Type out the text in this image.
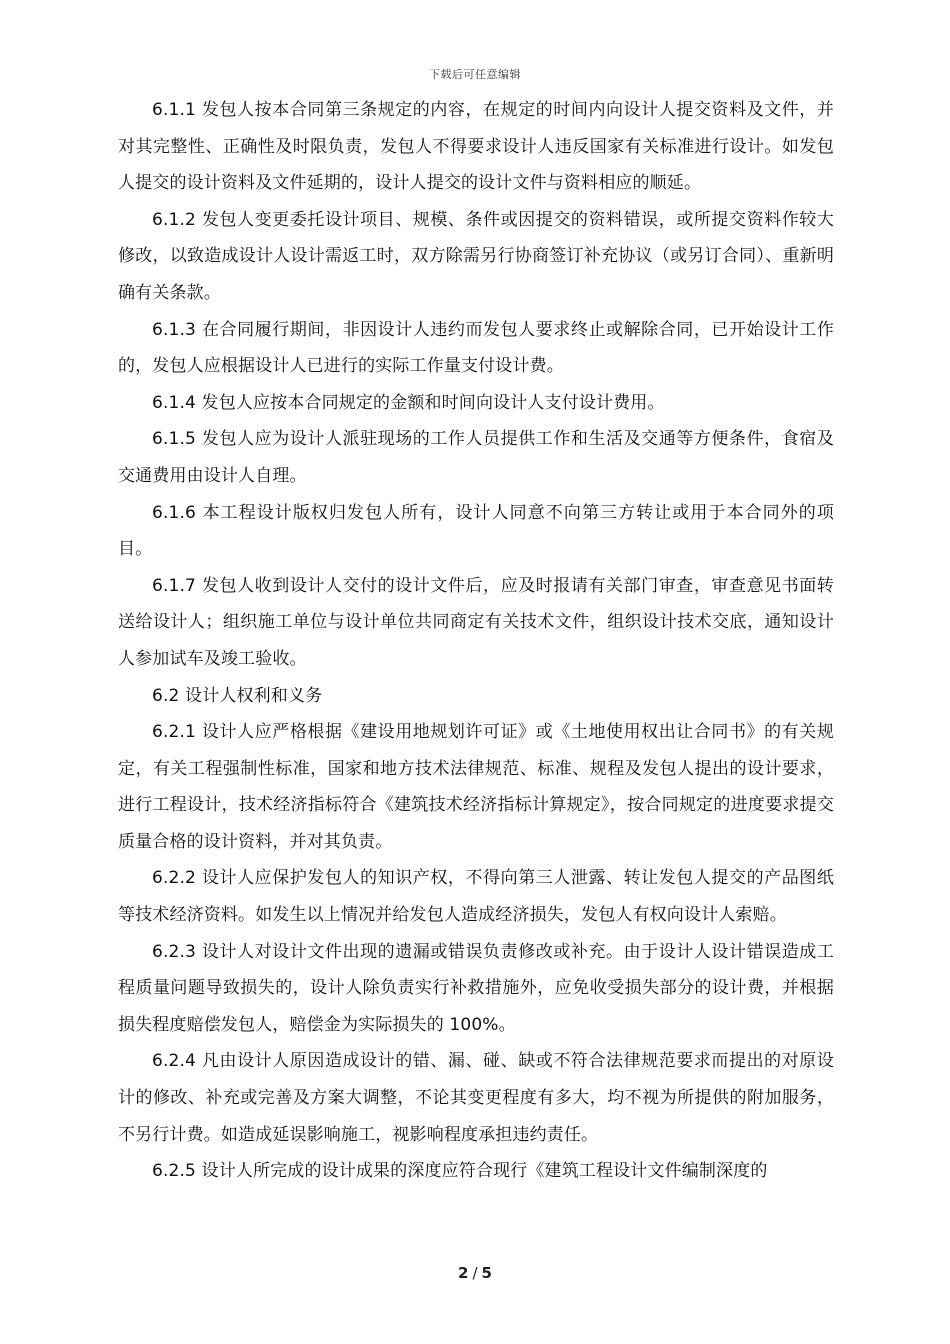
下载后可任意编辑

6.1.1 发包人按本合同第三条规定的内容，在规定的时间内向设计人提交资料及文件，并对其完整性、正确性及时限负责，发包人不得要求设计人违反国家有关标准进行设计。如发包人提交的设计资料及文件延期的，设计人提交的设计文件与资料相应的顺延。

6.1.2 发包人变更委托设计项目、规模、条件或因提交的资料错误，或所提交资料作较大修改，以致造成设计人设计需返工时，双方除需另行协商签订补充协议（或另订合同）、重新明确有关条款。

6.1.3 在合同履行期间，非因设计人违约而发包人要求终止或解除合同，已开始设计工作的，发包人应根据设计人已进行的实际工作量支付设计费。

6.1.4 发包人应按本合同规定的金额和时间向设计人支付设计费用。

6.1.5 发包人应为设计人派驻现场的工作人员提供工作和生活及交通等方便条件，食宿及交通费用由设计人自理。

6.1.6 本工程设计版权归发包人所有，设计人同意不向第三方转让或用于本合同外的项目。

6.1.7 发包人收到设计人交付的设计文件后，应及时报请有关部门审查，审查意见书面转送给设计人；组织施工单位与设计单位共同商定有关技术文件，组织设计技术交底，通知设计人参加试车及竣工验收。

6.2 设计人权利和义务

6.2.1 设计人应严格根据《建设用地规划许可证》或《土地使用权出让合同书》的有关规定，有关工程强制性标准，国家和地方技术法律规范、标准、规程及发包人提出的设计要求，进行工程设计，技术经济指标符合《建筑技术经济指标计算规定》，按合同规定的进度要求提交质量合格的设计资料，并对其负责。

6.2.2 设计人应保护发包人的知识产权，不得向第三人泄露、转让发包人提交的产品图纸等技术经济资料。如发生以上情况并给发包人造成经济损失，发包人有权向设计人索赔。

6.2.3 设计人对设计文件出现的遗漏或错误负责修改或补充。由于设计人设计错误造成工程质量问题导致损失的，设计人除负责实行补救措施外，应免收受损失部分的设计费，并根据损失程度赔偿发包人，赔偿金为实际损失的 100%。

6.2.4 凡由设计人原因造成设计的错、漏、碰、缺或不符合法律规范要求而提出的对原设计的修改、补充或完善及方案大调整，不论其变更程度有多大，均不视为所提供的附加服务，不另行计费。如造成延误影响施工，视影响程度承担违约责任。

6.2.5 设计人所完成的设计成果的深度应符合现行《建筑工程设计文件编制深度的

2 / 5
